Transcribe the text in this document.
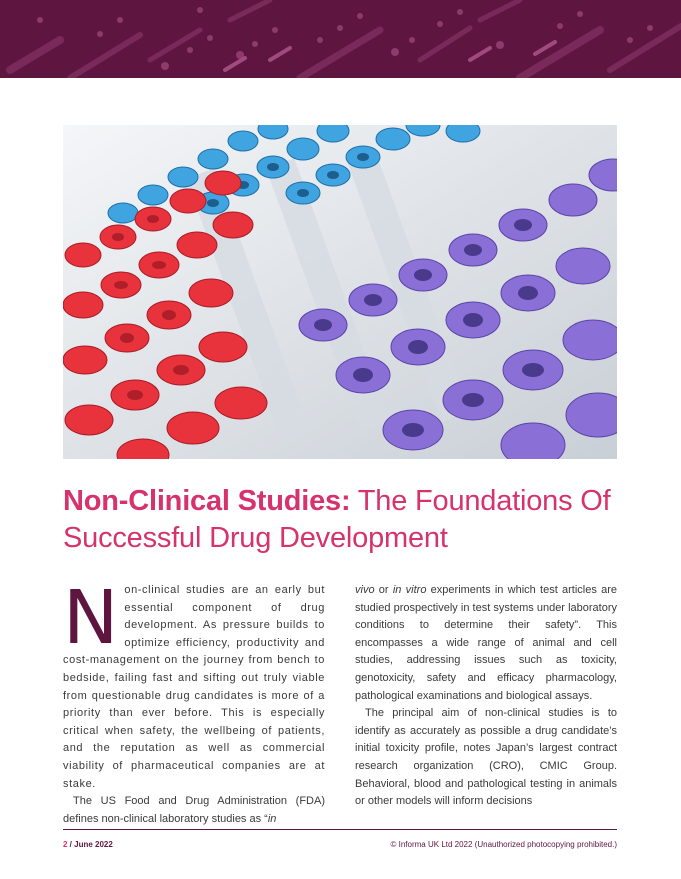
Non-Clinical Studies: The Foundations Of Successful Drug Development

Non-clinical studies are an early but essential component of drug development. As pressure builds to optimize efficiency, productivity and cost-management on the journey from bench to bedside, failing fast and sifting out truly viable from questionable drug candidates is more of a priority than ever before. This is especially critical when safety, the wellbeing of patients, and the reputation as well as commercial viability of pharmaceutical companies are at stake.

The US Food and Drug Administration (FDA) defines non-clinical laboratory studies as “in

vivo or in vitro experiments in which test articles are studied prospectively in test systems under laboratory conditions to determine their safety”. This encompasses a wide range of animal and cell studies, addressing issues such as toxicity, genotoxicity, safety and efficacy pharmacology, pathological examinations and biological assays.

The principal aim of non-clinical studies is to identify as accurately as possible a drug candidate’s initial toxicity profile, notes Japan’s largest contract research organization (CRO), CMIC Group. Behavioral, blood and pathological testing in animals or other models will inform decisions

2 / June 2022	© Informa UK Ltd 2022 (Unauthorized photocopying prohibited.)
